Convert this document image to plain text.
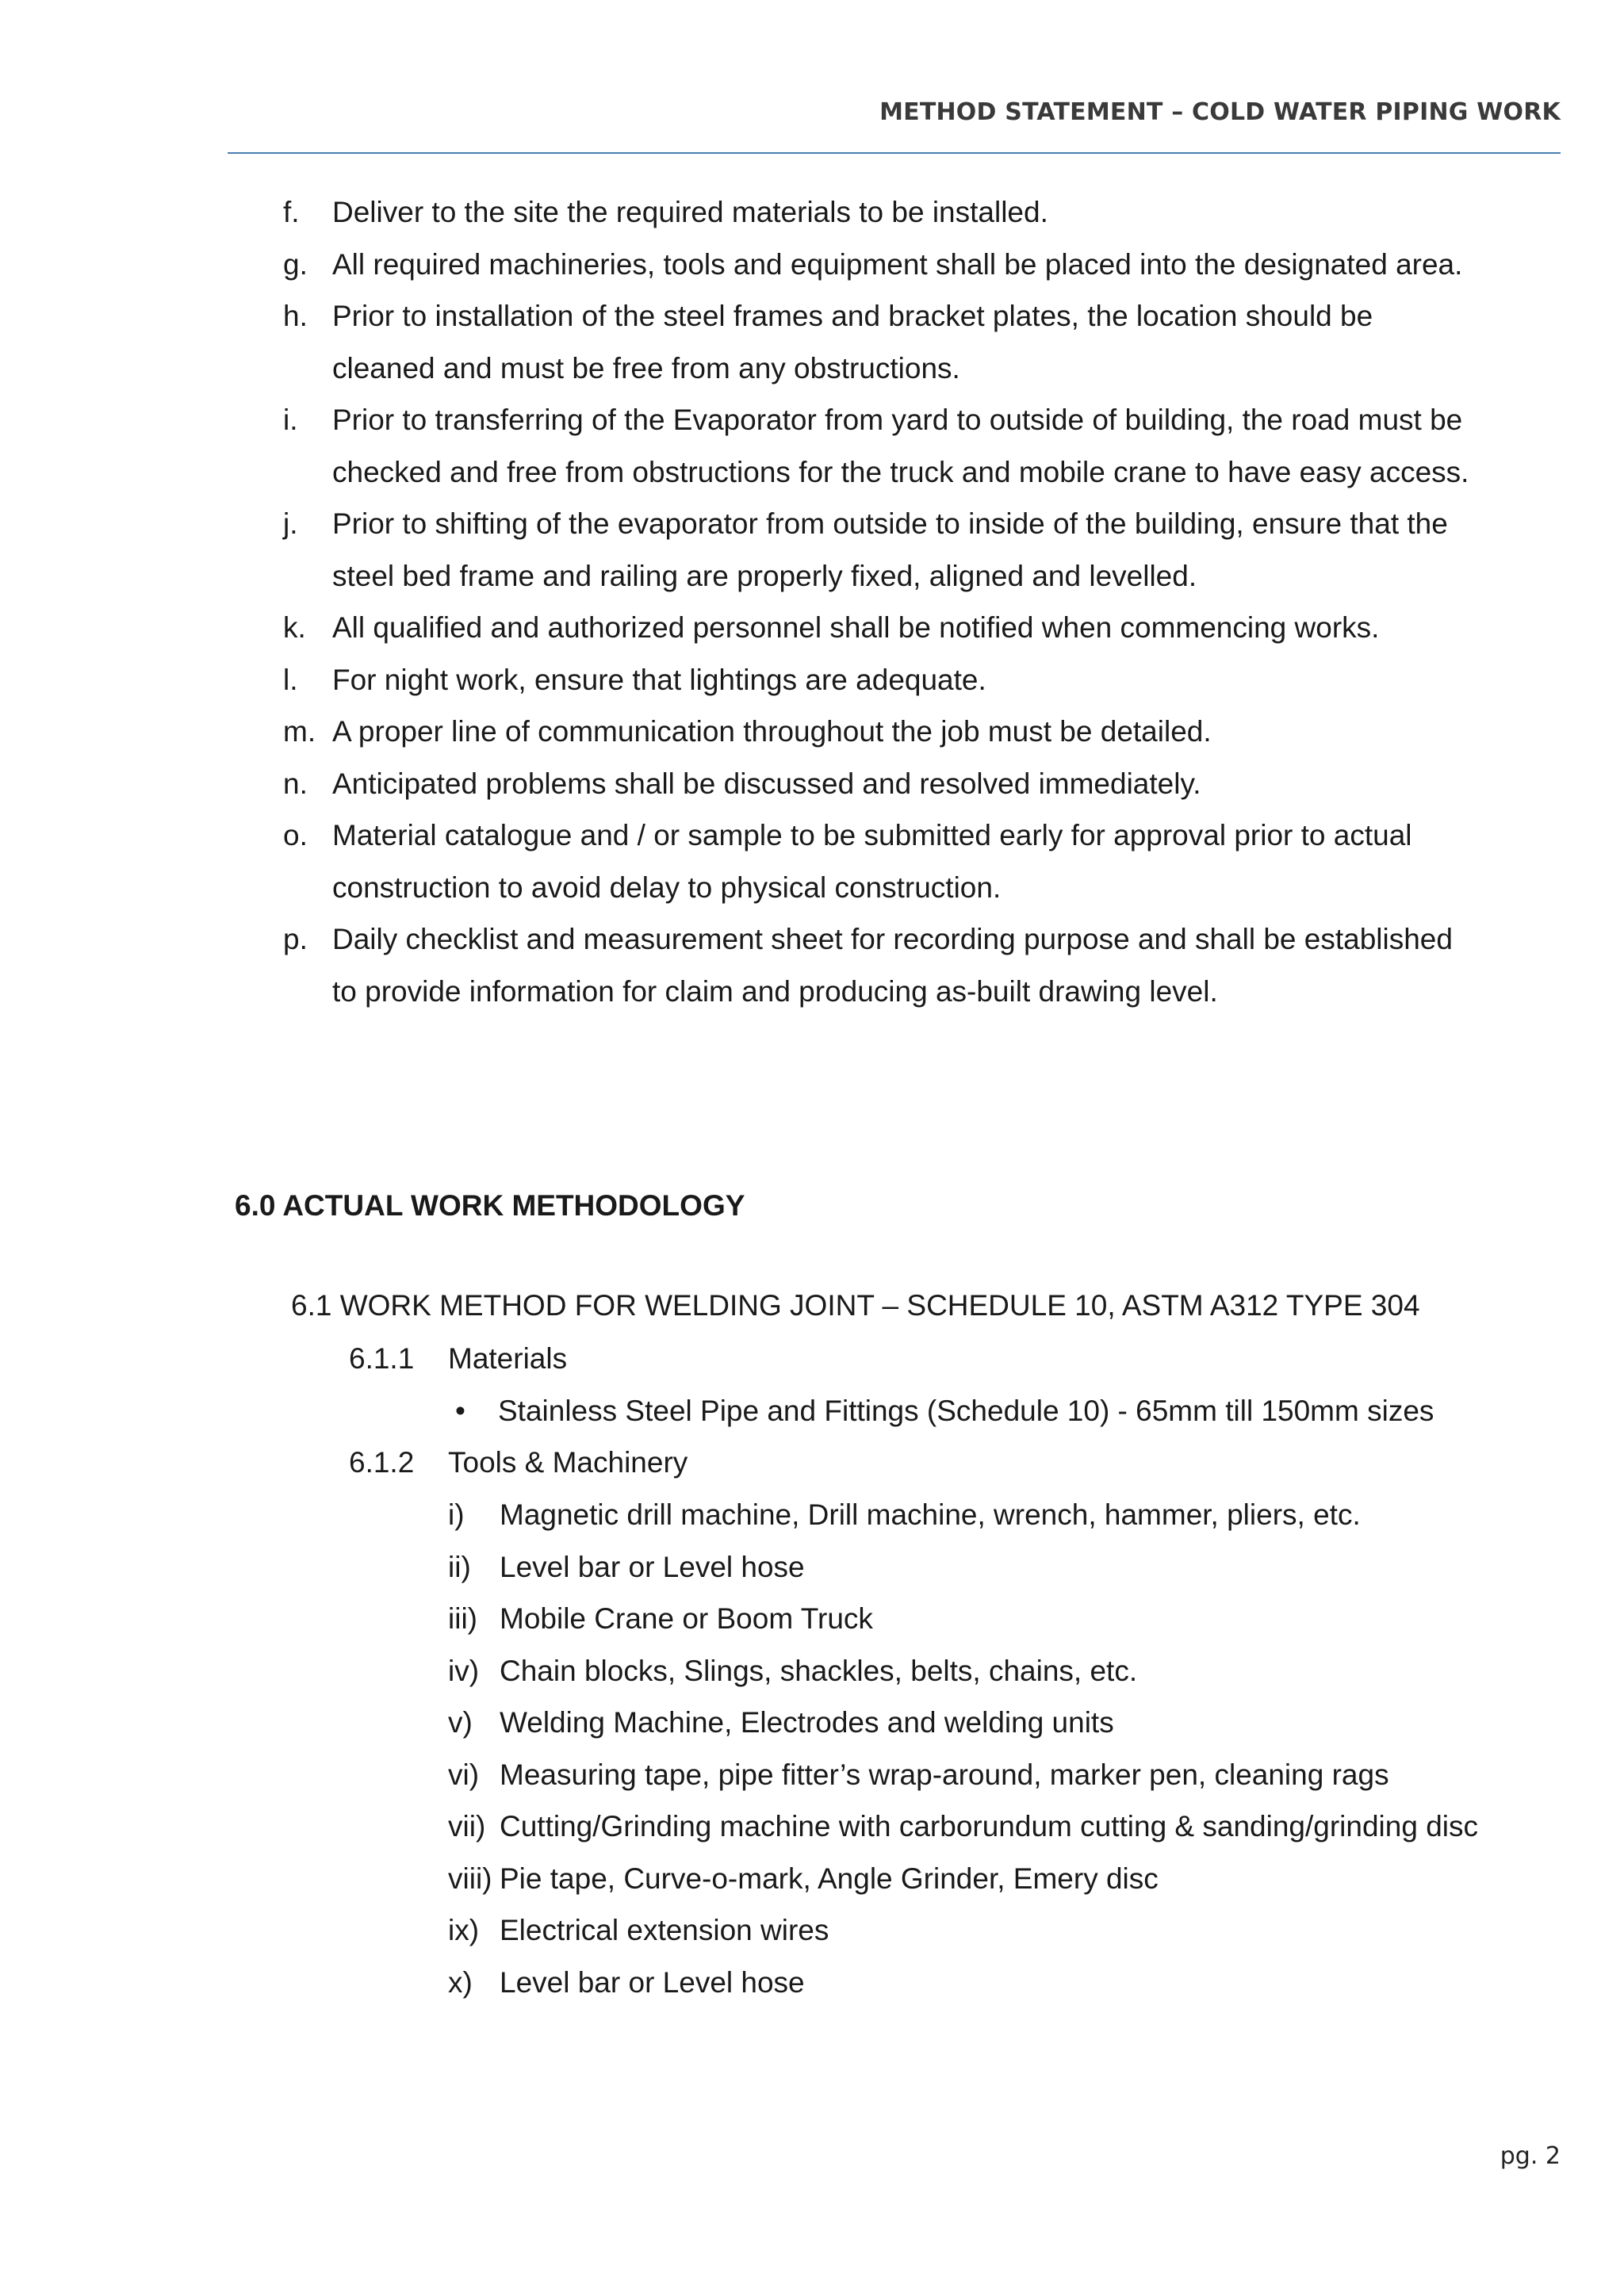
METHOD STATEMENT – COLD WATER PIPING WORK
f. Deliver to the site the required materials to be installed.
g. All required machineries, tools and equipment shall be placed into the designated area.
h. Prior to installation of the steel frames and bracket plates, the location should be cleaned and must be free from any obstructions.
i. Prior to transferring of the Evaporator from yard to outside of building, the road must be checked and free from obstructions for the truck and mobile crane to have easy access.
j. Prior to shifting of the evaporator from outside to inside of the building, ensure that the steel bed frame and railing are properly fixed, aligned and levelled.
k. All qualified and authorized personnel shall be notified when commencing works.
l. For night work, ensure that lightings are adequate.
m. A proper line of communication throughout the job must be detailed.
n. Anticipated problems shall be discussed and resolved immediately.
o. Material catalogue and / or sample to be submitted early for approval prior to actual construction to avoid delay to physical construction.
p. Daily checklist and measurement sheet for recording purpose and shall be established to provide information for claim and producing as-built drawing level.
6.0 ACTUAL WORK METHODOLOGY
6.1 WORK METHOD FOR WELDING JOINT – SCHEDULE 10, ASTM A312 TYPE 304
6.1.1 Materials
• Stainless Steel Pipe and Fittings (Schedule 10) - 65mm till 150mm sizes
6.1.2 Tools & Machinery
i) Magnetic drill machine, Drill machine, wrench, hammer, pliers, etc.
ii) Level bar or Level hose
iii) Mobile Crane or Boom Truck
iv) Chain blocks, Slings, shackles, belts, chains, etc.
v) Welding Machine, Electrodes and welding units
vi) Measuring tape, pipe fitter’s wrap-around, marker pen, cleaning rags
vii) Cutting/Grinding machine with carborundum cutting & sanding/grinding disc
viii) Pie tape, Curve-o-mark, Angle Grinder, Emery disc
ix) Electrical extension wires
x) Level bar or Level hose
pg. 2
